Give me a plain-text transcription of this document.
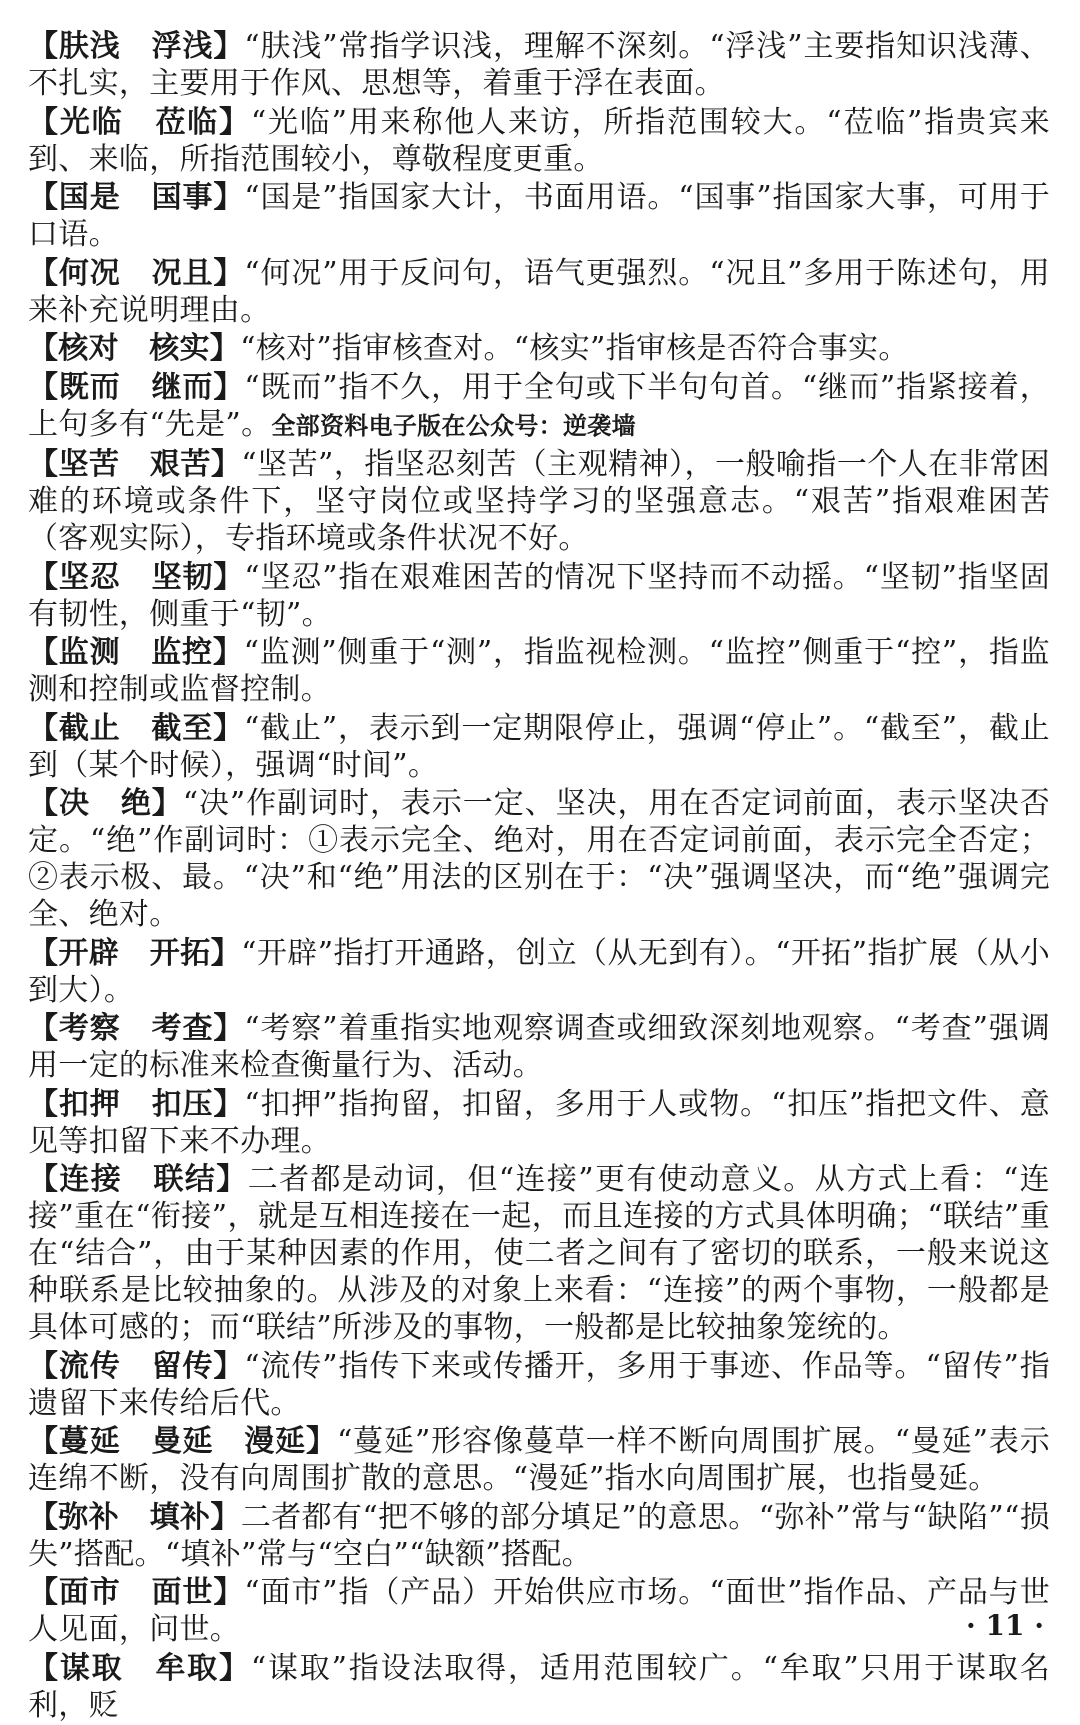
【肤浅　浮浅】“肤浅”常指学识浅，理解不深刻。“浮浅”主要指知识浅薄、不扎实，主要用于作风、思想等，着重于浮在表面。

【光临　莅临】“光临”用来称他人来访，所指范围较大。“莅临”指贵宾来到、来临，所指范围较小，尊敬程度更重。

【国是　国事】“国是”指国家大计，书面用语。“国事”指国家大事，可用于口语。

【何况　况且】“何况”用于反问句，语气更强烈。“况且”多用于陈述句，用来补充说明理由。

【核对　核实】“核对”指审核查对。“核实”指审核是否符合事实。

【既而　继而】“既而”指不久，用于全句或下半句句首。“继而”指紧接着，上句多有“先是”。全部资料电子版在公众号：逆袭墙

【坚苦　艰苦】“坚苦”，指坚忍刻苦（主观精神），一般喻指一个人在非常困难的环境或条件下，坚守岗位或坚持学习的坚强意志。“艰苦”指艰难困苦（客观实际），专指环境或条件状况不好。

【坚忍　坚韧】“坚忍”指在艰难困苦的情况下坚持而不动摇。“坚韧”指坚固有韧性，侧重于“韧”。

【监测　监控】“监测”侧重于“测”，指监视检测。“监控”侧重于“控”，指监测和控制或监督控制。

【截止　截至】“截止”，表示到一定期限停止，强调“停止”。“截至”，截止到（某个时候），强调“时间”。

【决　绝】“决”作副词时，表示一定、坚决，用在否定词前面，表示坚决否定。“绝”作副词时：①表示完全、绝对，用在否定词前面，表示完全否定；②表示极、最。“决”和“绝”用法的区别在于：“决”强调坚决，而“绝”强调完全、绝对。

【开辟　开拓】“开辟”指打开通路，创立（从无到有）。“开拓”指扩展（从小到大）。

【考察　考查】“考察”着重指实地观察调查或细致深刻地观察。“考查”强调用一定的标准来检查衡量行为、活动。

【扣押　扣压】“扣押”指拘留，扣留，多用于人或物。“扣压”指把文件、意见等扣留下来不办理。

【连接　联结】二者都是动词，但“连接”更有使动意义。从方式上看：“连接”重在“衔接”，就是互相连接在一起，而且连接的方式具体明确；“联结”重在“结合”，由于某种因素的作用，使二者之间有了密切的联系，一般来说这种联系是比较抽象的。从涉及的对象上来看：“连接”的两个事物，一般都是具体可感的；而“联结”所涉及的事物，一般都是比较抽象笼统的。

【流传　留传】“流传”指传下来或传播开，多用于事迹、作品等。“留传”指遗留下来传给后代。

【蔓延　曼延　漫延】“蔓延”形容像蔓草一样不断向周围扩展。“曼延”表示连绵不断，没有向周围扩散的意思。“漫延”指水向周围扩展，也指曼延。

【弥补　填补】二者都有“把不够的部分填足”的意思。“弥补”常与“缺陷”“损失”搭配。“填补”常与“空白”“缺额”搭配。

【面市　面世】“面市”指（产品）开始供应市场。“面世”指作品、产品与世人见面，问世。

【谋取　牟取】“谋取”指设法取得，适用范围较广。“牟取”只用于谋取名利，贬

· 11 ·
